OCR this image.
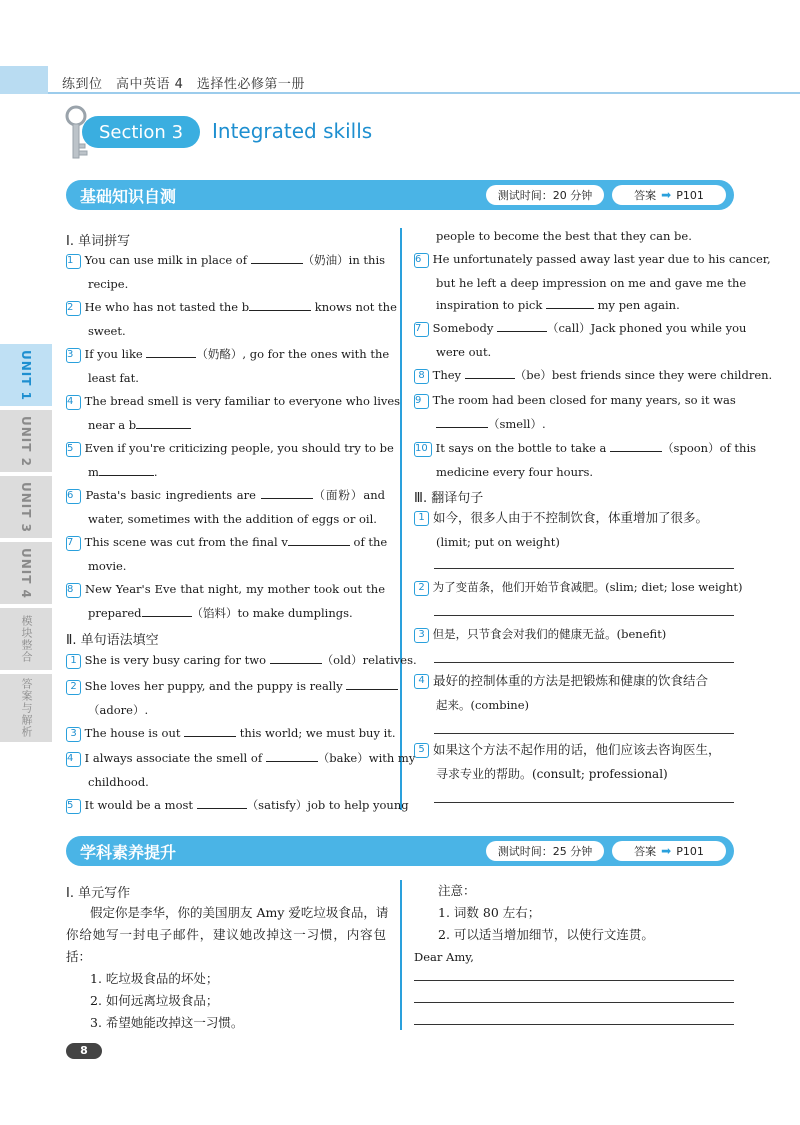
练到位　高中英语 4　选择性必修第一册
Section 3	Integrated skills
UNIT 1
UNIT 2
UNIT 3
UNIT 4
模块整合
答案与解析
基础知识自测	测试时间：20 分钟	答案 ➡ P101
Ⅰ. 单词拼写
1 You can use milk in place of	（奶油）in this
recipe.
2 He who has not tasted the b	knows not the
sweet.
3 If you like	（奶酪）, go for the ones with the
least fat.
4 The bread smell is very familiar to everyone who lives
near a b
5 Even if you're criticizing people, you should try to be
m	.
6 Pasta's basic ingredients are	（面粉）and
water, sometimes with the addition of eggs or oil.
7 This scene was cut from the final v	of the
movie.
8 New Year's Eve that night, my mother took out the
prepared	（馅料）to make dumplings.
Ⅱ. 单句语法填空
1 She is very busy caring for two	（old）relatives.
2 She loves her puppy, and the puppy is really
（adore）.
3 The house is out	this world; we must buy it.
4 I always associate the smell of	（bake）with my
childhood.
5 It would be a most	（satisfy）job to help young
people to become the best that they can be.
6 He unfortunately passed away last year due to his cancer,
but he left a deep impression on me and gave me the
inspiration to pick	my pen again.
7 Somebody	（call）Jack phoned you while you
were out.
8 They	（be）best friends since they were children.
9 The room had been closed for many years, so it was
（smell）.
10 It says on the bottle to take a	（spoon）of this
medicine every four hours.
Ⅲ. 翻译句子
1 如今，很多人由于不控制饮食，体重增加了很多。
(limit; put on weight)
2 为了变苗条，他们开始节食减肥。(slim; diet; lose weight)
3 但是，只节食会对我们的健康无益。(benefit)
4 最好的控制体重的方法是把锻炼和健康的饮食结合
起来。(combine)
5 如果这个方法不起作用的话，他们应该去咨询医生，
寻求专业的帮助。(consult; professional)
学科素养提升	测试时间：25 分钟	答案 ➡ P101
Ⅰ. 单元写作
假定你是李华，你的美国朋友 Amy 爱吃垃圾食品，请
你给她写一封电子邮件，建议她改掉这一习惯，内容包
括：
1. 吃垃圾食品的坏处；
2. 如何远离垃圾食品；
3. 希望她能改掉这一习惯。
注意：
1. 词数 80 左右；
2. 可以适当增加细节，以使行文连贯。
Dear Amy,
8
